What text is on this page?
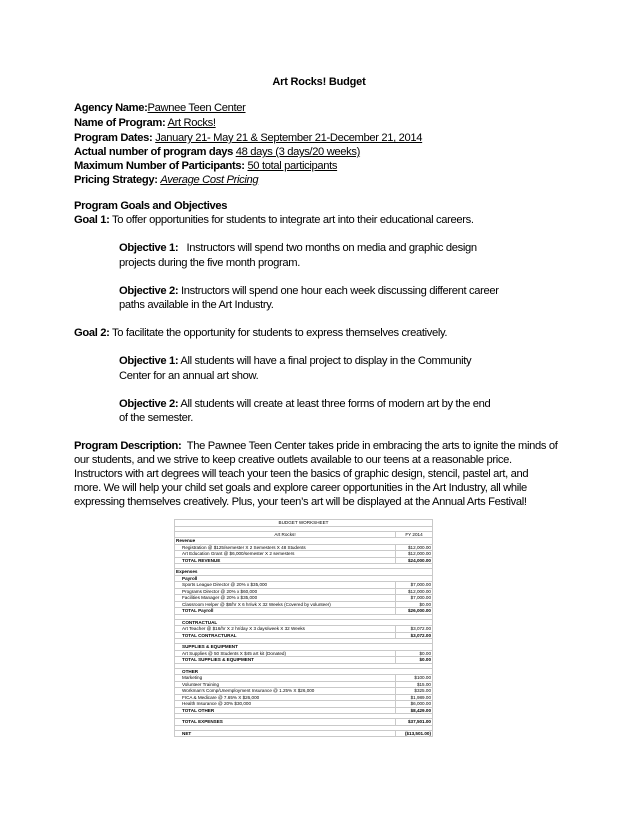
Art Rocks! Budget
Agency Name:Pawnee Teen Center
Name of Program: Art Rocks!
Program Dates: January 21- May 21 & September 21-December 21, 2014
Actual number of program days 48 days (3 days/20 weeks)
Maximum Number of Participants: 50 total participants
Pricing Strategy: Average Cost Pricing
Program Goals and Objectives
Goal 1: To offer opportunities for students to integrate art into their educational careers.
Objective 1: Instructors will spend two months on media and graphic design
projects during the five month program.
Objective 2: Instructors will spend one hour each week discussing different career
paths available in the Art Industry.
Goal 2: To facilitate the opportunity for students to express themselves creatively.
Objective 1: All students will have a final project to display in the Community
Center for an annual art show.
Objective 2: All students will create at least three forms of modern art by the end
of the semester.
Program Description: The Pawnee Teen Center takes pride in embracing the arts to ignite the minds of
our students, and we strive to keep creative outlets available to our teens at a reasonable price.
Instructors with art degrees will teach your teen the basics of graphic design, stencil, pastel art, and
more. We will help your child set goals and explore career opportunities in the Art Industry, all while
expressing themselves creatively. Plus, your teen’s art will be displayed at the Annual Arts Festival!
BUDGET WORKSHEET	

Art Rocks!	FY 2014
Revenue	
Registration @ $125/semester X 2 Semesters X 48 Students	$12,000.00
Art Education Grant @ $6,000/semester X 2 semesters	$12,000.00
TOTAL REVENUE	$24,000.00

Expenses	
Payroll	
Sports League Director @ 20% x $35,000	$7,000.00
Programs Director @ 20% x $60,000	$12,000.00
Facilities Manager @ 20% x $35,000	$7,000.00
Classroom Helper @ $8/hr X 6 hr/wk X 32 Weeks (Covered by volunteer)	$0.00
TOTAL Payroll	$26,000.00

CONTRACTUAL	
Art Teacher @ $16/hr X 2 hr/day X 3 days/week X 32 Weeks	$3,072.00
TOTAL CONTRACTURAL	$3,072.00

SUPPLIES & EQUIPMENT	
Art Supplies @ 50 Students X $45 art kit (Donated)	$0.00
TOTAL SUPPLIES & EQUIPMENT	$0.00

OTHER	
Marketing	$100.00
Volunteer Training	$15.00
Workman's Comp/Unemployment Insurance @ 1.25% X $26,000	$325.00
FICA & Medicare @ 7.65% X $26,000	$1,989.00
Health Insurance @ 20% $30,000	$6,000.00
TOTAL OTHER	$8,429.00

TOTAL EXPENSES	$37,501.00

NET	($13,501.00)
